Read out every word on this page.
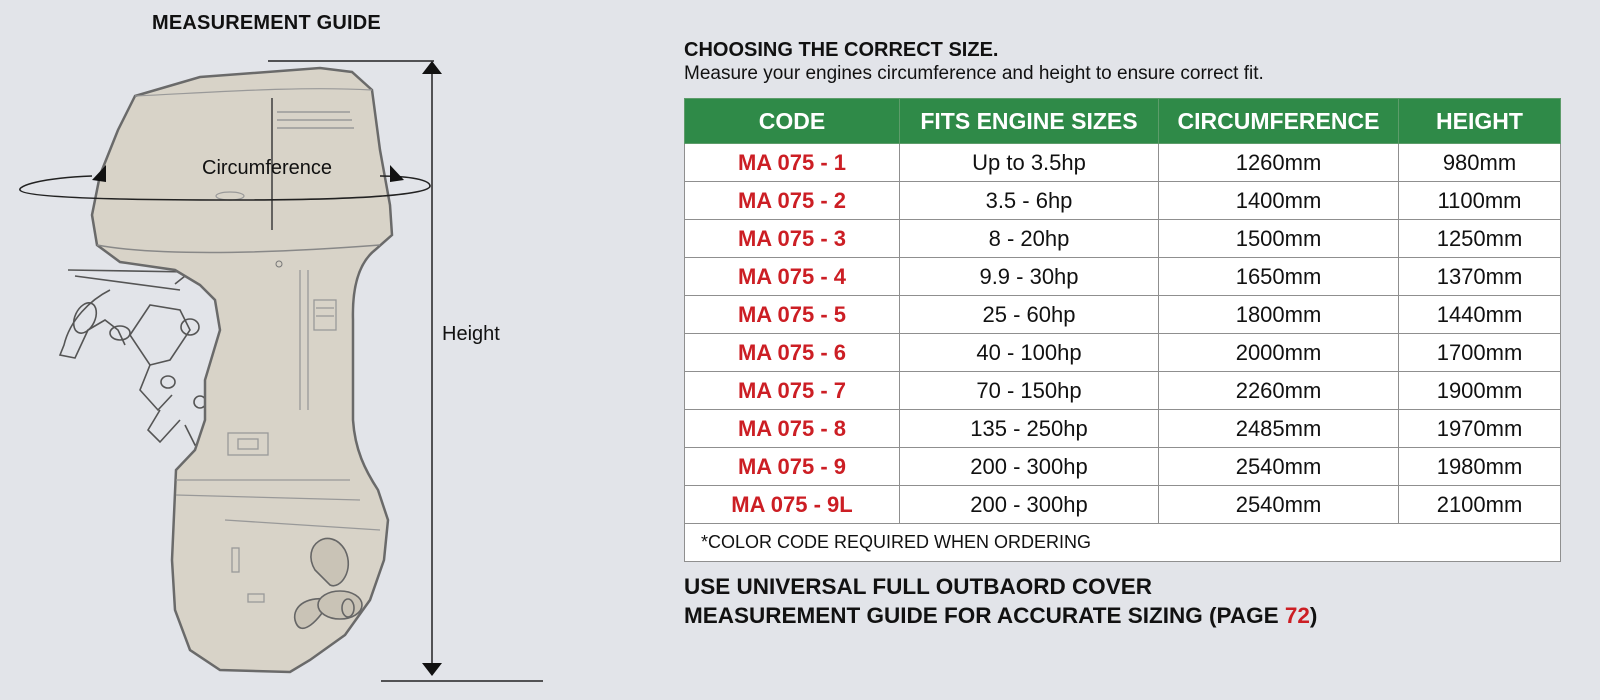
MEASUREMENT GUIDE
Circumference
Height
CHOOSING THE CORRECT SIZE.
Measure your engines circumference and height to ensure correct fit.
CODE	FITS ENGINE SIZES	CIRCUMFERENCE	HEIGHT
MA 075 - 1	Up to 3.5hp	1260mm	980mm
MA 075 - 2	3.5 - 6hp	1400mm	1100mm
MA 075 - 3	8 - 20hp	1500mm	1250mm
MA 075 - 4	9.9 - 30hp	1650mm	1370mm
MA 075 - 5	25 - 60hp	1800mm	1440mm
MA 075 - 6	40 - 100hp	2000mm	1700mm
MA 075 - 7	70 - 150hp	2260mm	1900mm
MA 075 - 8	135 - 250hp	2485mm	1970mm
MA 075 - 9	200 - 300hp	2540mm	1980mm
MA 075 - 9L	200 - 300hp	2540mm	2100mm
*COLOR CODE REQUIRED WHEN ORDERING			
USE UNIVERSAL FULL OUTBAORD COVER
MEASUREMENT GUIDE FOR ACCURATE SIZING (PAGE 72)
